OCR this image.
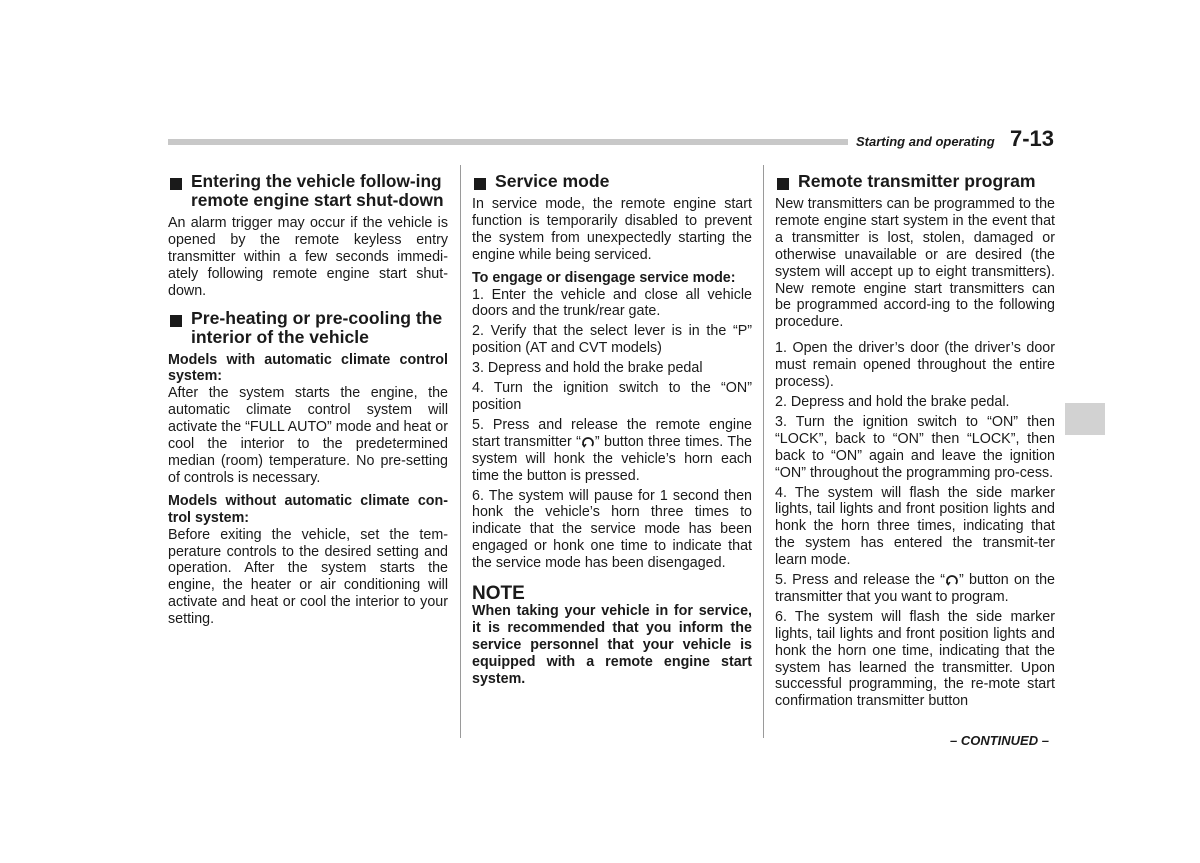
Starting and operating 7-13
Entering the vehicle follow-ing remote engine start shut-down

An alarm trigger may occur if the vehicle is opened by the remote keyless entry transmitter within a few seconds immedi-ately following remote engine start shut-down.

Pre-heating or pre-cooling the interior of the vehicle

Models with automatic climate control system:

After the system starts the engine, the automatic climate control system will activate the “FULL AUTO” mode and heat or cool the interior to the predetermined median (room) temperature. No pre-setting of controls is necessary.

Models without automatic climate con-trol system:

Before exiting the vehicle, set the tem-perature controls to the desired setting and operation. After the system starts the engine, the heater or air conditioning will activate and heat or cool the interior to your setting.

Service mode

In service mode, the remote engine start function is temporarily disabled to prevent the system from unexpectedly starting the engine while being serviced.

To engage or disengage service mode:

1. Enter the vehicle and close all vehicle doors and the trunk/rear gate.

2. Verify that the select lever is in the “P” position (AT and CVT models)

3. Depress and hold the brake pedal

4. Turn the ignition switch to the “ON” position

5. Press and release the remote engine start transmitter “ ” button three times. The system will honk the vehicle’s horn each time the button is pressed.

6. The system will pause for 1 second then honk the vehicle’s horn three times to indicate that the service mode has been engaged or honk one time to indicate that the service mode has been disengaged.

NOTE

When taking your vehicle in for service, it is recommended that you inform the service personnel that your vehicle is equipped with a remote engine start system.

Remote transmitter program

New transmitters can be programmed to the remote engine start system in the event that a transmitter is lost, stolen, damaged or otherwise unavailable or are desired (the system will accept up to eight transmitters). New remote engine start transmitters can be programmed accord-ing to the following procedure.

1. Open the driver’s door (the driver’s door must remain opened throughout the entire process).

2. Depress and hold the brake pedal.

3. Turn the ignition switch to “ON” then “LOCK”, back to “ON” then “LOCK”, then back to “ON” again and leave the ignition “ON” throughout the programming pro-cess.

4. The system will flash the side marker lights, tail lights and front position lights and honk the horn three times, indicating that the system has entered the transmit-ter learn mode.

5. Press and release the “ ” button on the transmitter that you want to program.

6. The system will flash the side marker lights, tail lights and front position lights and honk the horn one time, indicating that the system has learned the transmitter. Upon successful programming, the re-mote start confirmation transmitter button

– CONTINUED –
